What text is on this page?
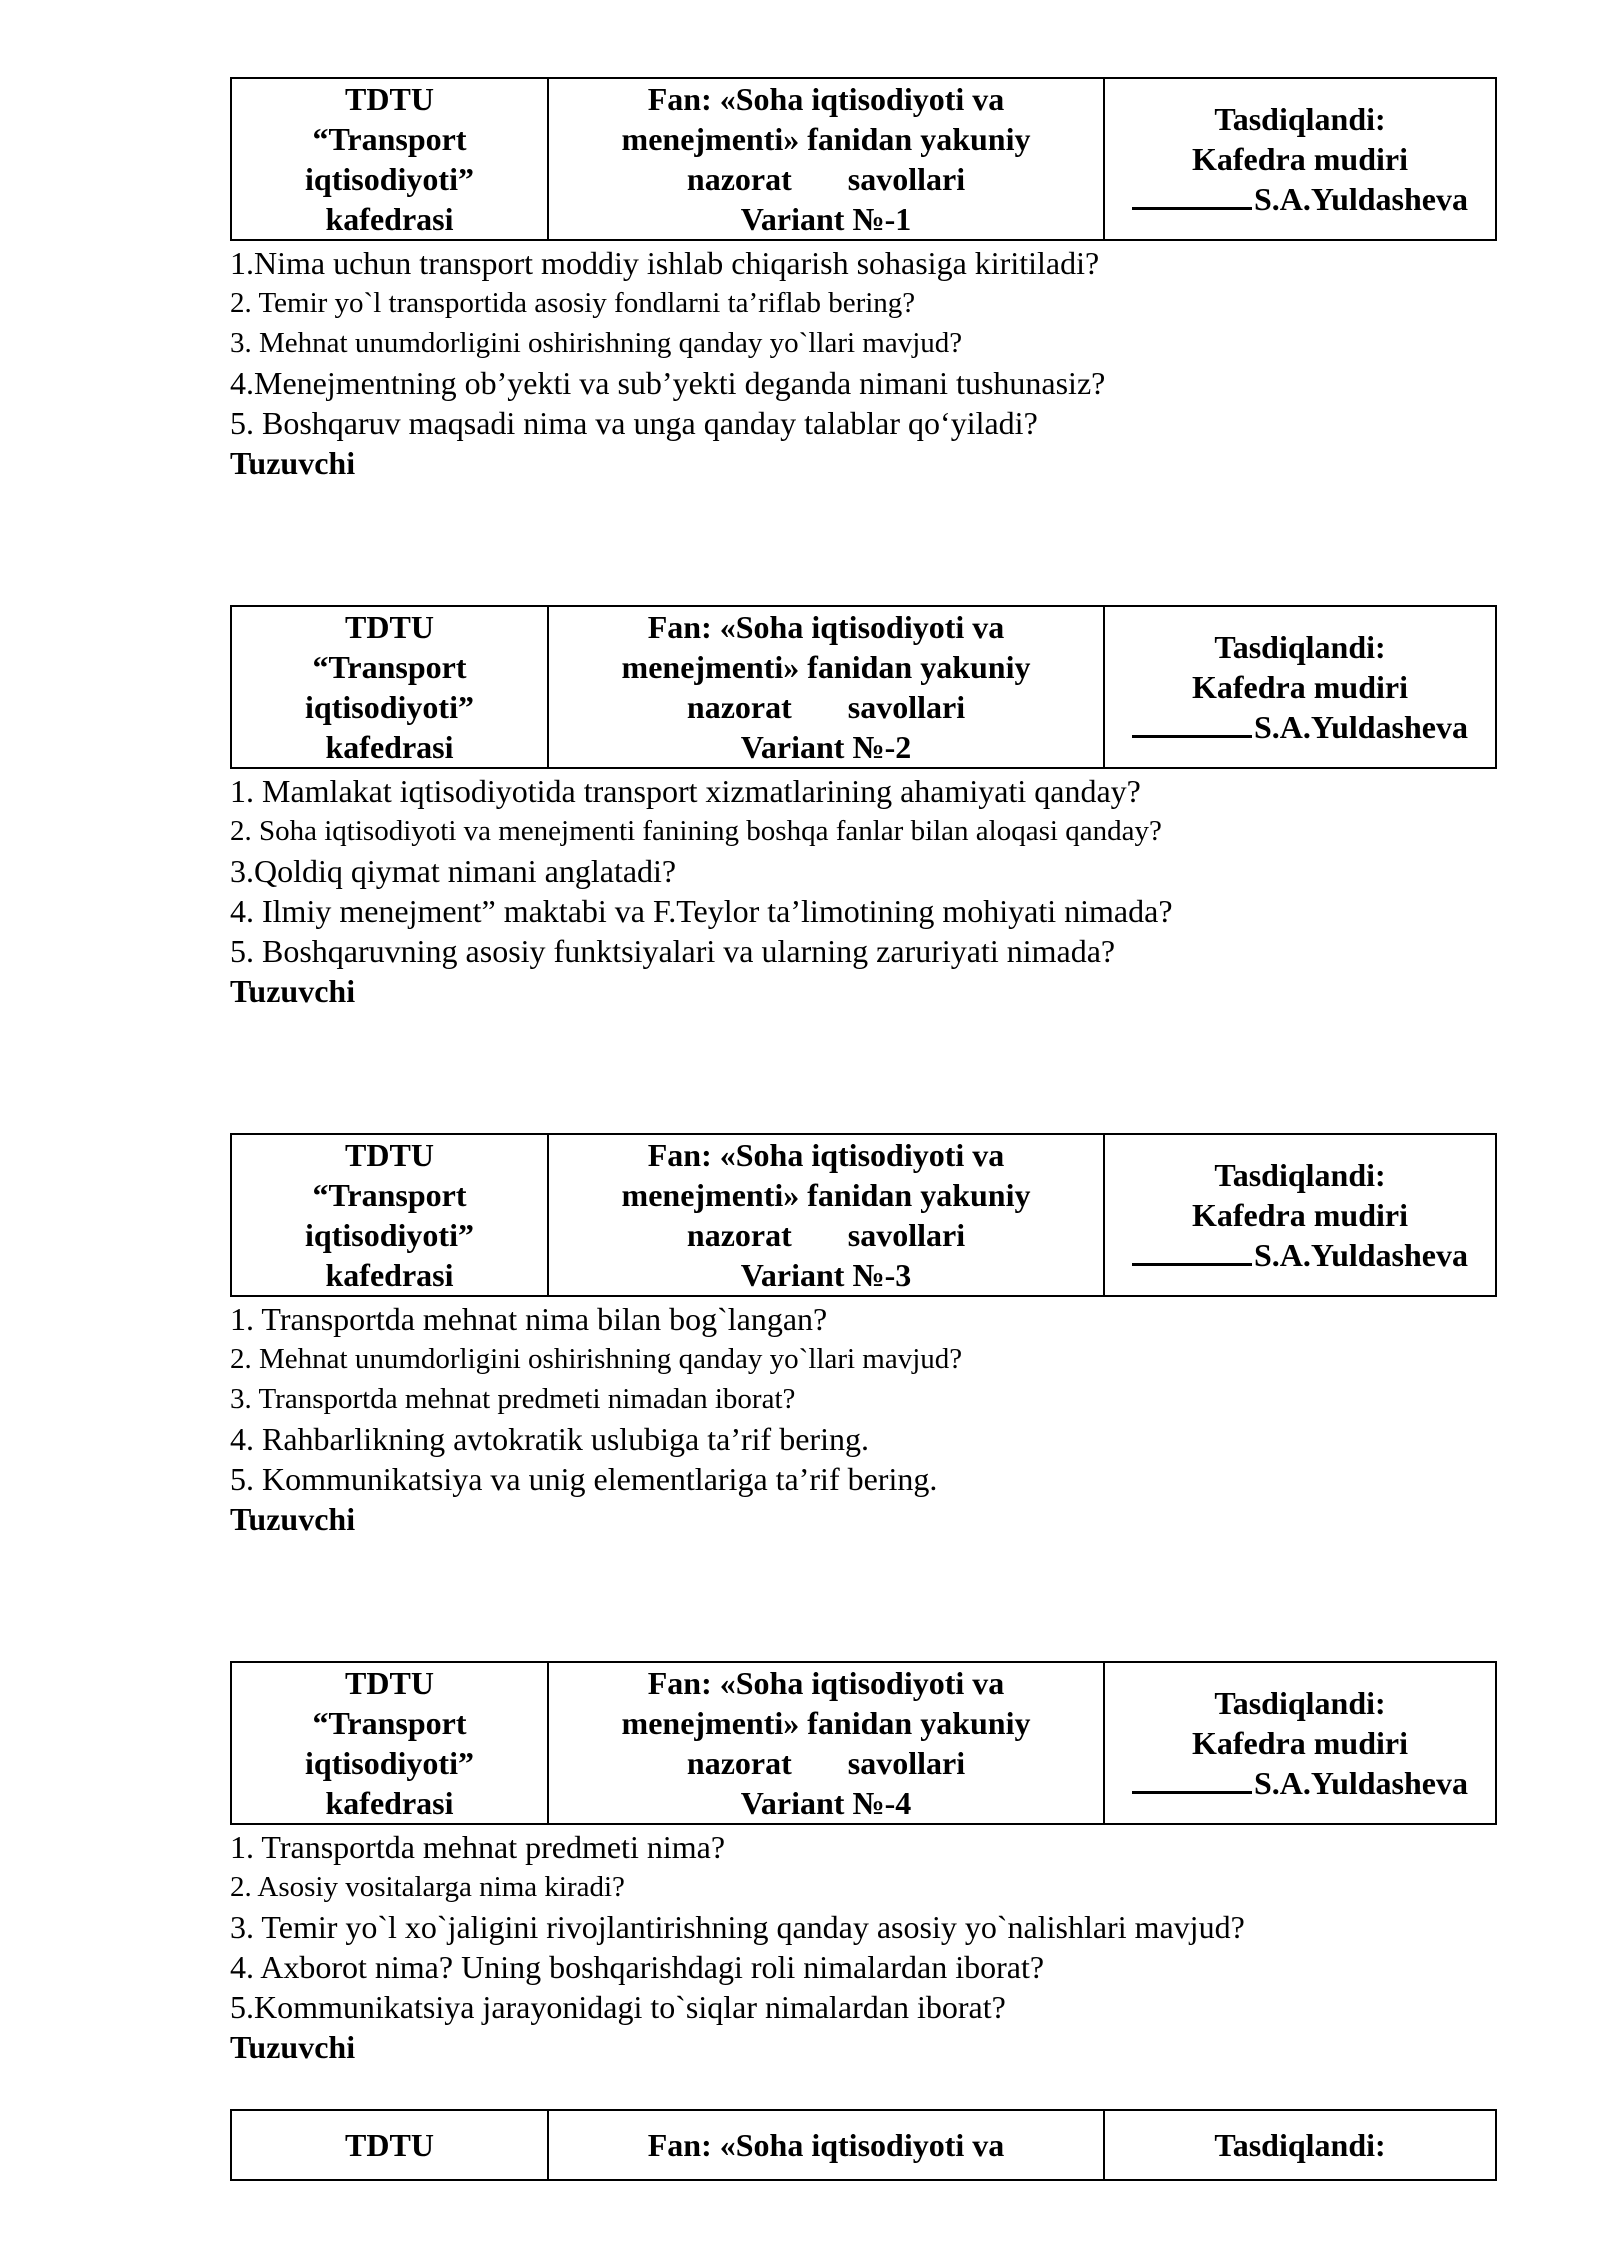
TDTU
“Transport
iqtisodiyoti”
kafedrasi

Fan: «Soha iqtisodiyoti va
menejmenti» fanidan yakuniy
nazorat savollari
Variant №-1

Tasdiqlandi:
Kafedra mudiri
S.A.Yuldasheva
1.Nima uchun transport moddiy ishlab chiqarish sohasiga kiritiladi?
2. Temir yo`l transportida asosiy fondlarni ta’riflab bering?
3. Mehnat unumdorligini oshirishning qanday yo`llari mavjud?
4.Menejmentning ob’yekti va sub’yekti deganda nimani tushunasiz?
5. Boshqaruv maqsadi nima va unga qanday talablar qo‘yiladi?
Tuzuvchi
TDTU
“Transport
iqtisodiyoti”
kafedrasi

Fan: «Soha iqtisodiyoti va
menejmenti» fanidan yakuniy
nazorat savollari
Variant №-2

Tasdiqlandi:
Kafedra mudiri
S.A.Yuldasheva
1. Mamlakat iqtisodiyotida transport xizmatlarining ahamiyati qanday?
2. Soha iqtisodiyoti va menejmenti fanining boshqa fanlar bilan aloqasi qanday?
3.Qoldiq qiymat nimani anglatadi?
4. Ilmiy menejment” maktabi va F.Teylor ta’limotining mohiyati nimada?
5. Boshqaruvning asosiy funktsiyalari va ularning zaruriyati nimada?
Tuzuvchi
TDTU
“Transport
iqtisodiyoti”
kafedrasi

Fan: «Soha iqtisodiyoti va
menejmenti» fanidan yakuniy
nazorat savollari
Variant №-3

Tasdiqlandi:
Kafedra mudiri
S.A.Yuldasheva
1. Transportda mehnat nima bilan bog`langan?
2. Mehnat unumdorligini oshirishning qanday yo`llari mavjud?
3. Transportda mehnat predmeti nimadan iborat?
4. Rahbarlikning avtokratik uslubiga ta’rif bering.
5. Kommunikatsiya va unig elementlariga ta’rif bering.
Tuzuvchi
TDTU
“Transport
iqtisodiyoti”
kafedrasi

Fan: «Soha iqtisodiyoti va
menejmenti» fanidan yakuniy
nazorat savollari
Variant №-4

Tasdiqlandi:
Kafedra mudiri
S.A.Yuldasheva
1. Transportda mehnat predmeti nima?
2. Asosiy vositalarga nima kiradi?
3. Temir yo`l xo`jaligini rivojlantirishning qanday asosiy yo`nalishlari mavjud?
4. Axborot nima? Uning boshqarishdagi roli nimalardan iborat?
5.Kommunikatsiya jarayonidagi to`siqlar nimalardan iborat?
Tuzuvchi
TDTU	Fan: «Soha iqtisodiyoti va	Tasdiqlandi:
